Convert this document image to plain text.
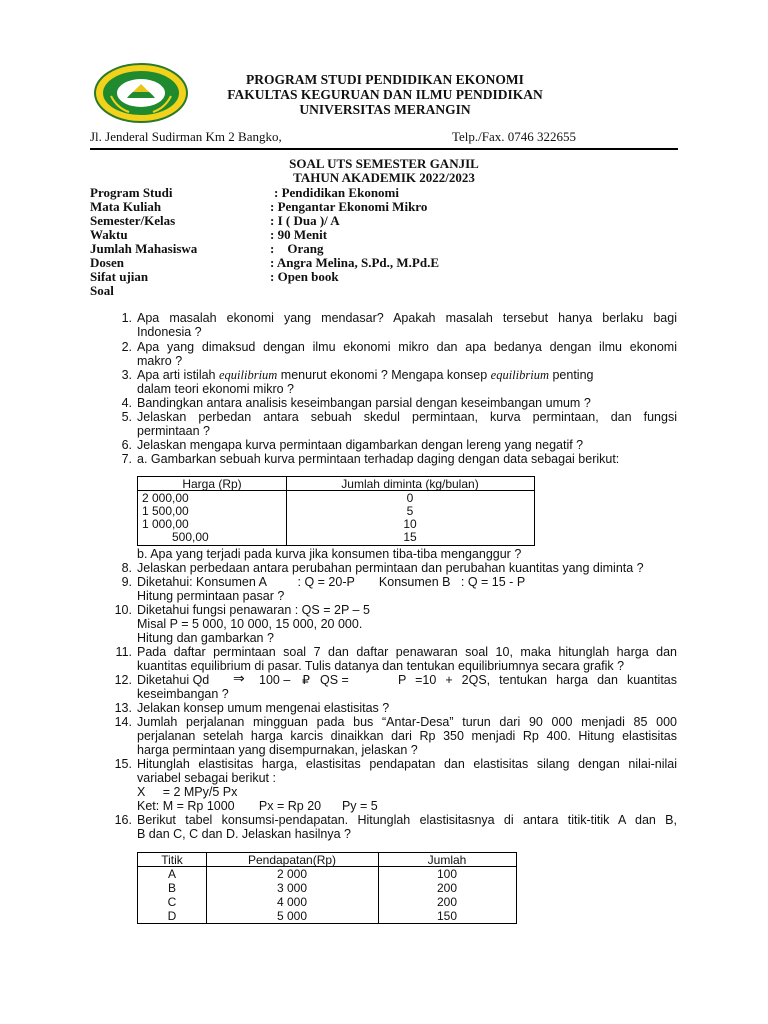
PROGRAM STUDI PENDIDIKAN EKONOMI
FAKULTAS KEGURUAN DAN ILMU PENDIDIKAN
UNIVERSITAS MERANGIN
Jl. Jenderal Sudirman Km 2 Bangko,	Telp./Fax. 0746 322655
SOAL UTS SEMESTER GANJIL
TAHUN AKADEMIK 2022/2023
Program Studi	: Pendidikan Ekonomi
Mata Kuliah	: Pengantar Ekonomi Mikro
Semester/Kelas	: I ( Dua )/ A
Waktu	: 90 Menit
Jumlah Mahasiswa	:    Orang
Dosen	: Angra Melina, S.Pd., M.Pd.E
Sifat ujian	: Open book
Soal
1. Apa masalah ekonomi yang mendasar? Apakah masalah tersebut hanya berlaku bagi
Indonesia ?
2. Apa yang dimaksud dengan ilmu ekonomi mikro dan apa bedanya dengan ilmu ekonomi
makro ?
3. Apa arti istilah equilibrium menurut ekonomi ? Mengapa konsep equilibrium penting
dalam teori ekonomi mikro ?
4. Bandingkan antara analisis keseimbangan parsial dengan keseimbangan umum ?
5. Jelaskan perbedan antara sebuah skedul permintaan, kurva permintaan, dan fungsi
permintaan ?
6. Jelaskan mengapa kurva permintaan digambarkan dengan lereng yang negatif ?
7. a. Gambarkan sebuah kurva permintaan terhadap daging dengan data sebagai berikut:
Harga (Rp)	Jumlah diminta (kg/bulan)
2 000,00	0
1 500,00	5
1 000,00	10
500,00	15
b. Apa yang terjadi pada kurva jika konsumen tiba-tiba menganggur ?
8. Jelaskan perbedaan antara perubahan permintaan dan perubahan kuantitas yang diminta ?
9. Diketahui: Konsumen A         : Q = 20-P       Konsumen B   : Q = 15 - P
Hitung permintaan pasar ?
10. Diketahui fungsi penawaran : QS = 2P – 5
Misal P = 5 000, 10 000, 15 000, 20 000.
Hitung dan gambarkan ?
11. Pada daftar permintaan soal 7 dan daftar penawaran soal 10, maka hitunglah harga dan
kuantitas equilibrium di pasar. Tulis datanya dan tentukan equilibriumnya secara grafik ?
12. Diketahui Qd ⇒ 100 – ₽ QS =	P =10 + 2QS, tentukan harga dan kuantitas
keseimbangan ?
13. Jelakan konsep umum mengenai elastisitas ?
14. Jumlah perjalanan mingguan pada bus “Antar-Desa” turun dari 90 000 menjadi 85 000
perjalanan setelah harga karcis dinaikkan dari Rp 350 menjadi Rp 400. Hitung elastisitas
harga permintaan yang disempurnakan, jelaskan ?
15. Hitunglah elastisitas harga, elastisitas pendapatan dan elastisitas silang dengan nilai-nilai
variabel sebagai berikut :
X     = 2 MPy/5 Px
Ket: M = Rp 1000       Px = Rp 20      Py = 5
16. Berikut tabel konsumsi-pendapatan. Hitunglah elastisitasnya di antara titik-titik A dan B,
B dan C, C dan D. Jelaskan hasilnya ?
Titik	Pendapatan(Rp)	Jumlah
A	2 000	100
B	3 000	200
C	4 000	200
D	5 000	150
